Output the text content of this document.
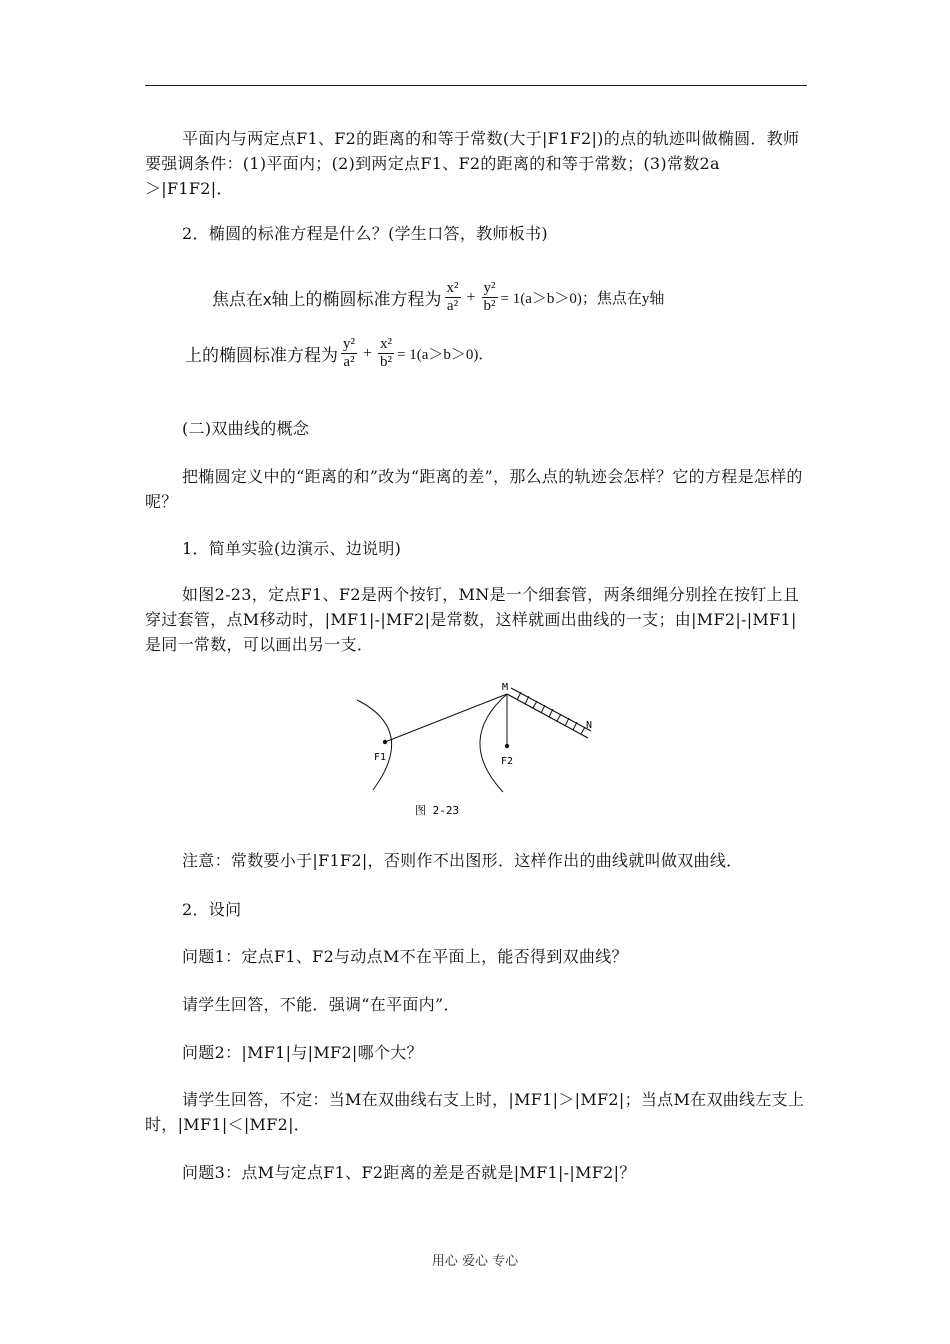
平面内与两定点F1、F2的距离的和等于常数(大于|F1F2|)的点的轨迹叫做椭圆．教师要强调条件：(1)平面内；(2)到两定点F1、F2的距离的和等于常数；(3)常数2a＞|F1F2|．

2．椭圆的标准方程是什么？(学生口答，教师板书)

焦点在x轴上的椭圆标准方程为 $\frac{\text{x²}}{\text{a²}} + \frac{\text{y²}}{\text{b²}} = 1(a>b>0)$；焦点在y轴
上的椭圆标准方程为 $\frac{\text{y²}}{\text{a²}} + \frac{\text{x²}}{\text{b²}} = 1(a>b>0)$．

(二)双曲线的概念

把椭圆定义中的“距离的和”改为“距离的差”，那么点的轨迹会怎样？它的方程是怎样的呢？

1．简单实验(边演示、边说明)

如图2-23，定点F1、F2是两个按钉，MN是一个细套管，两条细绳分别拴在按钉上且穿过套管，点M移动时，|MF1|-|MF2|是常数，这样就画出曲线的一支；由|MF2|-|MF1|是同一常数，可以画出另一支．

M
N
F1	F2
图 2-23

注意：常数要小于|F1F2|，否则作不出图形．这样作出的曲线就叫做双曲线．

2．设问

问题1：定点F1、F2与动点M不在平面上，能否得到双曲线？

请学生回答，不能．强调“在平面内”．

问题2：|MF1|与|MF2|哪个大？

请学生回答，不定：当M在双曲线右支上时，|MF1|＞|MF2|；当点M在双曲线左支上时，|MF1|＜|MF2|．

问题3：点M与定点F1、F2距离的差是否就是|MF1|-|MF2|？

用心 爱心 专心
